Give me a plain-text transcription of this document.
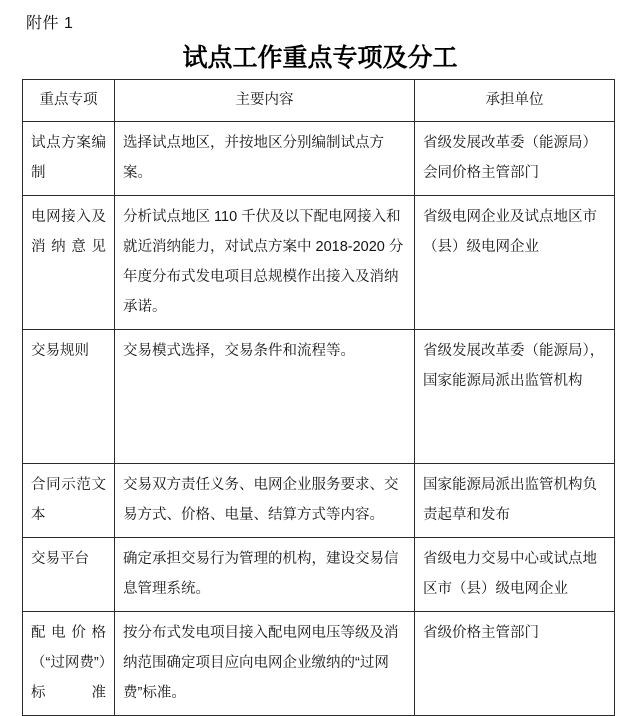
附件 1
试点工作重点专项及分工
重点专项	主要内容	承担单位
试点方案编制	选择试点地区，并按地区分别编制试点方案。	省级发展改革委（能源局）会同价格主管部门
电网接入及消纳意见	分析试点地区 110 千伏及以下配电网接入和就近消纳能力，对试点方案中 2018-2020 分年度分布式发电项目总规模作出接入及消纳承诺。	省级电网企业及试点地区市（县）级电网企业
交易规则	交易模式选择，交易条件和流程等。	省级发展改革委（能源局），国家能源局派出监管机构
合同示范文本	交易双方责任义务、电网企业服务要求、交易方式、价格、电量、结算方式等内容。	国家能源局派出监管机构负责起草和发布
交易平台	确定承担交易行为管理的机构，建设交易信息管理系统。	省级电力交易中心或试点地区市（县）级电网企业
配电价格（“过网费”）标准	按分布式发电项目接入配电网电压等级及消纳范围确定项目应向电网企业缴纳的“过网费”标准。	省级价格主管部门
